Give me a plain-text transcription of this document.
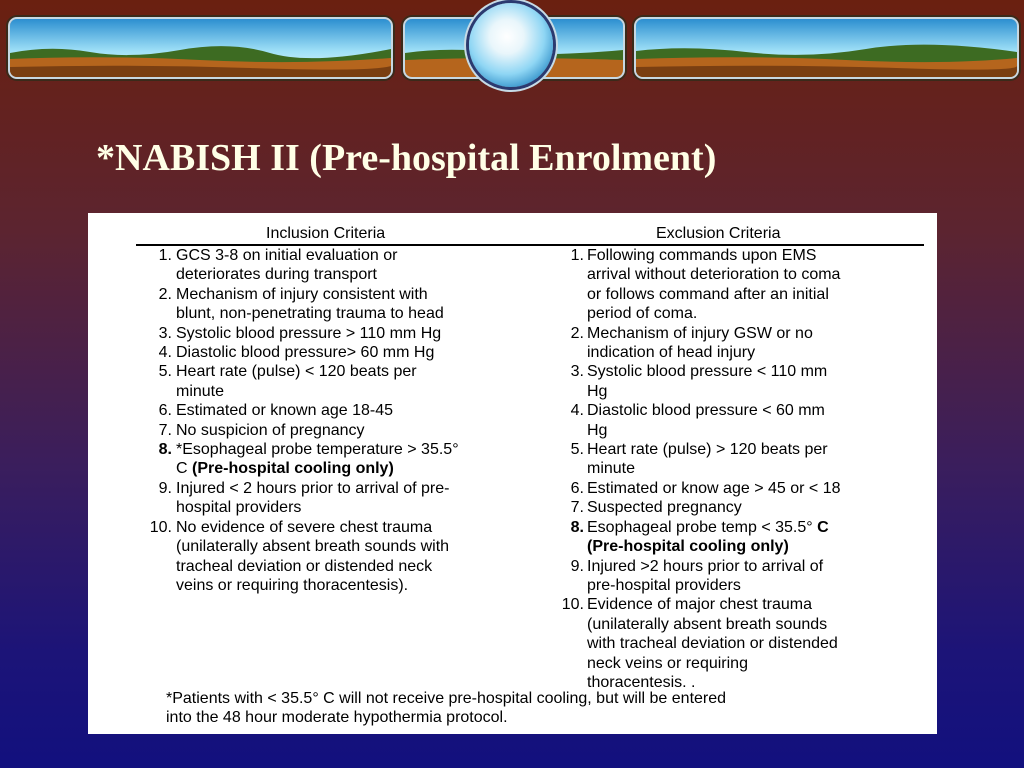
*NABISH II (Pre-hospital Enrolment)
Inclusion Criteria	Exclusion Criteria
1. GCS 3-8 on initial evaluation or
deteriorates during transport
2. Mechanism of injury consistent with
blunt, non-penetrating trauma to head
3. Systolic blood pressure > 110 mm Hg
4. Diastolic blood pressure> 60 mm Hg
5. Heart rate (pulse) < 120 beats per
minute
6. Estimated or known age 18-45
7. No suspicion of pregnancy
8. *Esophageal probe temperature > 35.5°
C (Pre-hospital cooling only)
9. Injured < 2 hours prior to arrival of pre-
hospital providers
10. No evidence of severe chest trauma
(unilaterally absent breath sounds with
tracheal deviation or distended neck
veins or requiring thoracentesis).
1. Following commands upon EMS
arrival without deterioration to coma
or follows command after an initial
period of coma.
2. Mechanism of injury GSW or no
indication of head injury
3. Systolic blood pressure < 110 mm
Hg
4. Diastolic blood pressure < 60 mm
Hg
5. Heart rate (pulse) > 120 beats per
minute
6. Estimated or know age > 45 or < 18
7. Suspected pregnancy
8. Esophageal probe temp < 35.5° C
(Pre-hospital cooling only)
9. Injured >2 hours prior to arrival of
pre-hospital providers
10. Evidence of major chest trauma
(unilaterally absent breath sounds
with tracheal deviation or distended
neck veins or requiring
thoracentesis. .
*Patients with < 35.5° C will not receive pre-hospital cooling, but will be entered
into the 48 hour moderate hypothermia protocol.
